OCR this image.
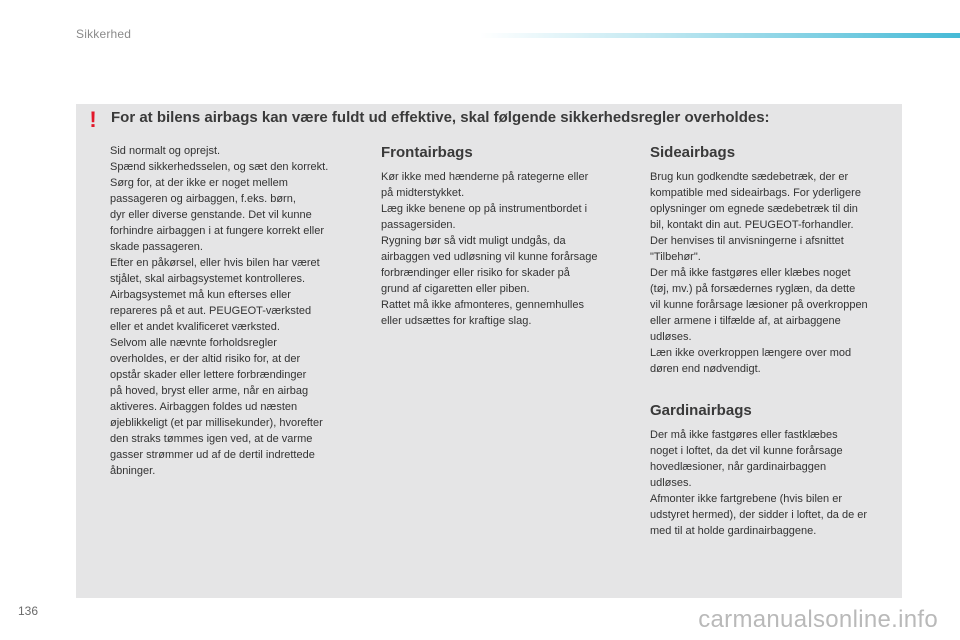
Sikkerhed
! For at bilens airbags kan være fuldt ud effektive, skal følgende sikkerhedsregler overholdes:

Sid normalt og oprejst.
Spænd sikkerhedsselen, og sæt den korrekt.
Sørg for, at der ikke er noget mellem
passageren og airbaggen, f.eks. børn,
dyr eller diverse genstande. Det vil kunne
forhindre airbaggen i at fungere korrekt eller
skade passageren.
Efter en påkørsel, eller hvis bilen har været
stjålet, skal airbagsystemet kontrolleres.
Airbagsystemet må kun efterses eller
repareres på et aut. PEUGEOT-værksted
eller et andet kvalificeret værksted.
Selvom alle nævnte forholdsregler
overholdes, er der altid risiko for, at der
opstår skader eller lettere forbrændinger
på hoved, bryst eller arme, når en airbag
aktiveres. Airbaggen foldes ud næsten
øjeblikkeligt (et par millisekunder), hvorefter
den straks tømmes igen ved, at de varme
gasser strømmer ud af de dertil indrettede
åbninger.

Frontairbags

Kør ikke med hænderne på rategerne eller
på midterstykket.
Læg ikke benene op på instrumentbordet i
passagersiden.
Rygning bør så vidt muligt undgås, da
airbaggen ved udløsning vil kunne forårsage
forbrændinger eller risiko for skader på
grund af cigaretten eller piben.
Rattet må ikke afmonteres, gennemhulles
eller udsættes for kraftige slag.

Sideairbags

Brug kun godkendte sædebetræk, der er
kompatible med sideairbags. For yderligere
oplysninger om egnede sædebetræk til din
bil, kontakt din aut. PEUGEOT-forhandler.
Der henvises til anvisningerne i afsnittet
"Tilbehør".
Der må ikke fastgøres eller klæbes noget
(tøj, mv.) på forsædernes ryglæn, da dette
vil kunne forårsage læsioner på overkroppen
eller armene i tilfælde af, at airbaggene
udløses.
Læn ikke overkroppen længere over mod
døren end nødvendigt.

Gardinairbags

Der må ikke fastgøres eller fastklæbes
noget i loftet, da det vil kunne forårsage
hovedlæsioner, når gardinairbaggen
udløses.
Afmonter ikke fartgrebene (hvis bilen er
udstyret hermed), der sidder i loftet, da de er
med til at holde gardinairbaggene.

136	carmanualsonline.info
